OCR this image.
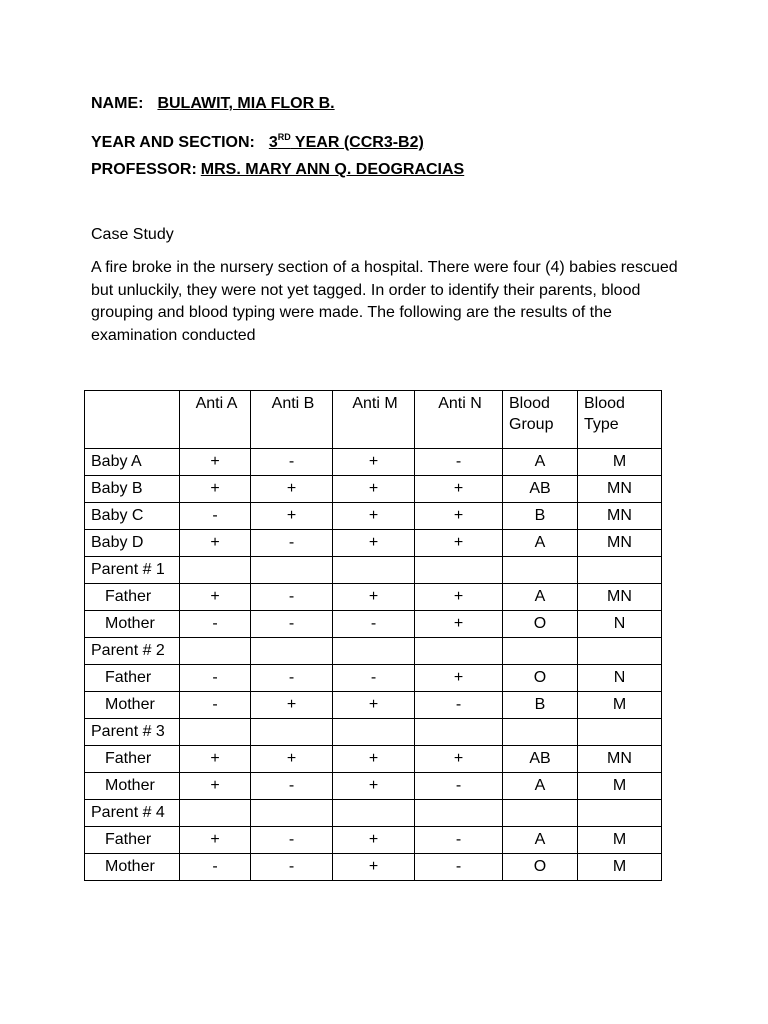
NAME: BULAWIT, MIA FLOR B.
YEAR AND SECTION: 3RD YEAR (CCR3-B2)
PROFESSOR: MRS. MARY ANN Q. DEOGRACIAS
Case Study
A fire broke in the nursery section of a hospital. There were four (4) babies rescued but unluckily, they were not yet tagged. In order to identify their parents, blood grouping and blood typing were made. The following are the results of the examination conducted
	Anti A	Anti B	Anti M	Anti N	Blood Group	Blood Type
Baby A	+	-	+	-	A	M
Baby B	+	+	+	+	AB	MN
Baby C	-	+	+	+	B	MN
Baby D	+	-	+	+	A	MN
Parent # 1						
Father	+	-	+	+	A	MN
Mother	-	-	-	+	O	N
Parent # 2						
Father	-	-	-	+	O	N
Mother	-	+	+	-	B	M
Parent # 3						
Father	+	+	+	+	AB	MN
Mother	+	-	+	-	A	M
Parent # 4						
Father	+	-	+	-	A	M
Mother	-	-	+	-	O	M
